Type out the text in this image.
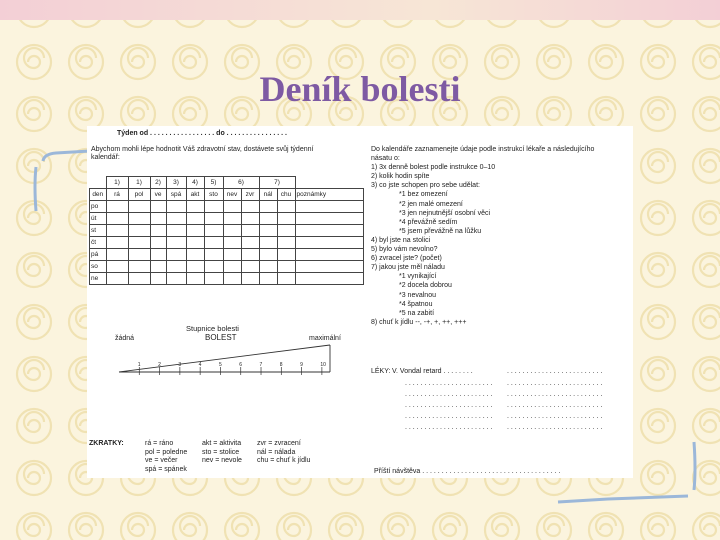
Deník bolesti
Týden od . . . . . . . . . . . . . . . . . do . . . . . . . . . . . . . . . .
Abychom mohli lépe hodnotit Váš zdravotní stav, dostávete svůj týdenní
kalendář:
	1)	1)	2)	3)	4)	5)	6)		7)		
den	rá	pol	ve	spá	akt	sto	nev	zvr	nál	chu	poznámky
po											
út											
st											
čt											
pá											
so											
ne											
Stupnice bolesti
žádná	BOLEST	maximální
1	2	3	4	5	6	7	8	9	10
ZKRATKY:	rá = ráno
pol = poledne
ve = večer
spá = spánek
akt = aktivita
sto = stolice
nev = nevole
zvr = zvracení
nál = nálada
chu = chuť k jídlu
Do kalendáře zaznamenejte údaje podle instrukcí lékaře a následujícího
násatu o:
1) 3x denně bolest podle instrukce 0–10
2) kolik hodin spíte
3) co jste schopen pro sebe udělat:
*1 bez omezení
*2 jen malé omezení
*3 jen nejnutnější osobní věci
*4 převážně sedím
*5 jsem převážně na lůžku
4) byl jste na stolici
5) bylo vám nevolno?
6) zvracel jste? (počet)
7) jakou jste měl náladu
*1 vynikající
*2 docela dobrou
*3 nevalnou
*4 špatnou
*5 na zabití
8) chuť k jídlu --, -+, +, ++, +++
LÉKY: V. Vondal retard . . . . . . . .	. . . . . . . . . . . . . . . . . . . . . . . . .
. . . . . . . . . . . . . . . . . . . . . . . . . . . . . . . . . . . . . . . . . . . . . . . .
. . . . . . . . . . . . . . . . . . . . . . . . . . . . . . . . . . . . . . . . . . . . . . . .
. . . . . . . . . . . . . . . . . . . . . . . . . . . . . . . . . . . . . . . . . . . . . . . .
. . . . . . . . . . . . . . . . . . . . . . . . . . . . . . . . . . . . . . . . . . . . . . . .
. . . . . . . . . . . . . . . . . . . . . . . . . . . . . . . . . . . . . . . . . . . . . . . .
Příští návštěva . . . . . . . . . . . . . . . . . . . . . . . . . . . . . . . . . . . .
